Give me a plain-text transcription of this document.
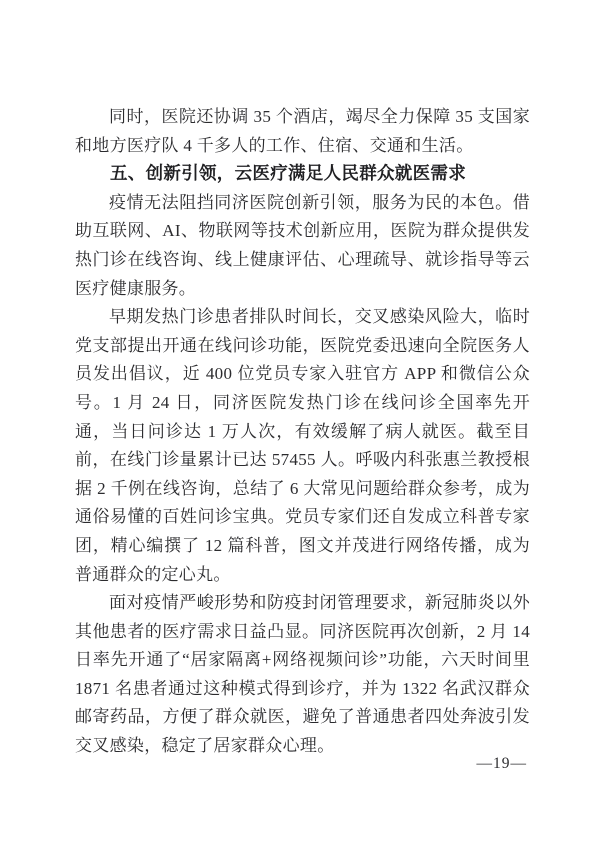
同时，医院还协调 35 个酒店，竭尽全力保障 35 支国家和地方医疗队 4 千多人的工作、住宿、交通和生活。

五、创新引领，云医疗满足人民群众就医需求

疫情无法阻挡同济医院创新引领，服务为民的本色。借助互联网、AI、物联网等技术创新应用，医院为群众提供发热门诊在线咨询、线上健康评估、心理疏导、就诊指导等云医疗健康服务。

早期发热门诊患者排队时间长，交叉感染风险大，临时党支部提出开通在线问诊功能，医院党委迅速向全院医务人员发出倡议，近 400 位党员专家入驻官方 APP 和微信公众号。1 月 24 日，同济医院发热门诊在线问诊全国率先开通，当日问诊达 1 万人次，有效缓解了病人就医。截至目前，在线门诊量累计已达 57455 人。呼吸内科张惠兰教授根据 2 千例在线咨询，总结了 6 大常见问题给群众参考，成为通俗易懂的百姓问诊宝典。党员专家们还自发成立科普专家团，精心编撰了 12 篇科普，图文并茂进行网络传播，成为普通群众的定心丸。

面对疫情严峻形势和防疫封闭管理要求，新冠肺炎以外其他患者的医疗需求日益凸显。同济医院再次创新，2 月 14 日率先开通了“居家隔离+网络视频问诊”功能，六天时间里 1871 名患者通过这种模式得到诊疗，并为 1322 名武汉群众邮寄药品，方便了群众就医，避免了普通患者四处奔波引发交叉感染，稳定了居家群众心理。

—19—
